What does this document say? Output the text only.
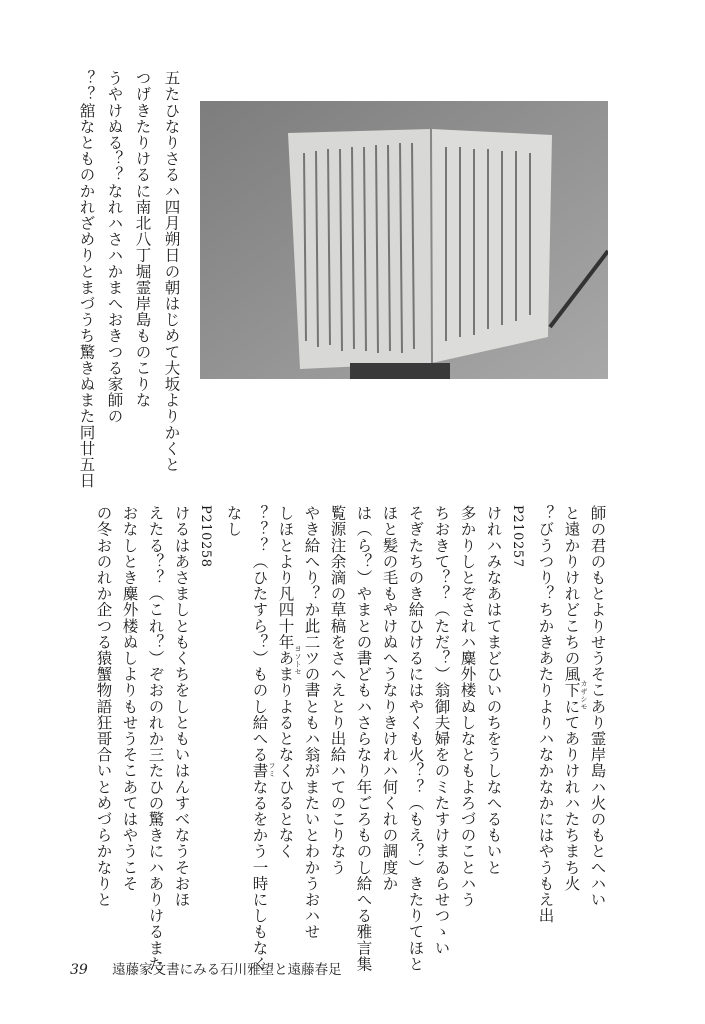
五たひなりさるハ四月朔日の朝はじめて大坂よりかくと
つげきたりけるに南北八丁堀霊岸島ものこりな
うやけぬる？？なれハさハかまへおきつる家師の
？？舘なとものかれざめりとまづうち驚きぬまた同廿五日
師の君のもとよりせうそこあり霊岸島ハ火のもとへハい
と遠かりけれどこちの風下にてありけれハたちまち火
？びうつり？ちかきあたりよりハなかなかにはやうもえ出
P210257
けれハみなあはてまどひいのちをうしなへるもいと
多かりしとぞされハ麋外楼ぬしなともよろづのことハう
ちおきて？？（ただ？）翁御夫婦をのミたすけまゐらせつゝい
そぎたちのき給ひけるにはやくも火？？（もえ？）きたりてほと
ほと髪の毛もやけぬへうなりきけれハ何くれの調度か
は（ら？）やまとの書どもハさらなり年ごろものし給へる雅言集
覧源注余滴の草稿をさへえとり出給ハてのこりなう
やき給へり？か此二ツの書ともハ翁がまたいとわかうおハせ
しほとより凡四十年あまりよるとなくひるとなく
？？？（ひたすら？）ものし給へる書なるをかう一時にしもなく
なし
P210258
けるはあさましともくちをしともいはんすべなうそおほ
えたる？？（これ？）ぞおのれか三たひの驚きにハありけるまた
おなしとき麋外楼ぬしよりもせうそこあてはやうこそ
の冬おのれか企つる猿蟹物語狂哥合いとめづらかなりと	カザシモ
ヨソトセ
フミ
39 遠藤家文書にみる石川雅望と遠藤春足
